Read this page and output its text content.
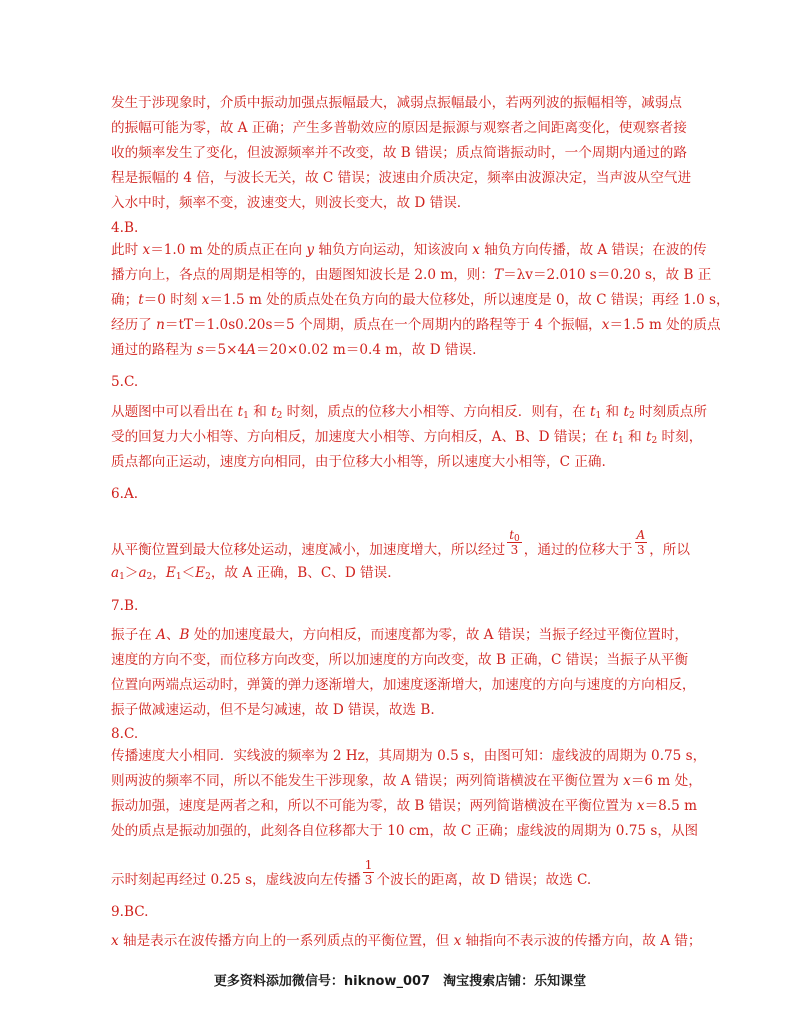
发生于涉现象时，介质中振动加强点振幅最大，减弱点振幅最小，若两列波的振幅相等，减弱点
的振幅可能为零，故 A 正确；产生多普勒效应的原因是振源与观察者之间距离变化，使观察者接
收的频率发生了变化，但波源频率并不改变，故 B 错误；质点简谐振动时，一个周期内通过的路
程是振幅的 4 倍，与波长无关，故 C 错误；波速由介质决定，频率由波源决定，当声波从空气进
入水中时，频率不变，波速变大，则波长变大，故 D 错误.
4.B.
此时 x＝1.0 m 处的质点正在向 y 轴负方向运动，知该波向 x 轴负方向传播，故 A 错误；在波的传
播方向上，各点的周期是相等的，由题图知波长是 2.0 m，则：T＝λv＝2.010 s＝0.20 s，故 B 正
确；t＝0 时刻 x＝1.5 m 处的质点处在负方向的最大位移处，所以速度是 0，故 C 错误；再经 1.0 s，
经历了 n＝tT＝1.0s0.20s＝5 个周期，质点在一个周期内的路程等于 4 个振幅，x＝1.5 m 处的质点
通过的路程为 s＝5×4A＝20×0.02 m＝0.4 m，故 D 错误.
5.C.
从题图中可以看出在 $t_1$ 和 $t_2$ 时刻，质点的位移大小相等、方向相反．则有，在 $t_1$ 和 $t_2$ 时刻质点所
受的回复力大小相等、方向相反，加速度大小相等、方向相反，A、B、D 错误；在 $t_1$ 和 $t_2$ 时刻，
质点都向正运动，速度方向相同，由于位移大小相等，所以速度大小相等，C 正确.
6.A.
从平衡位置到最大位移处运动，速度减小，加速度增大，所以经过 $\frac{t_0}{3}$ ，通过的位移大于 $\frac{A}{3}$ ，所以
$a_1>a_2$，$E_1<E_2$，故 A 正确，B、C、D 错误.
7.B.
振子在 A、B 处的加速度最大，方向相反，而速度都为零，故 A 错误；当振子经过平衡位置时，
速度的方向不变，而位移方向改变，所以加速度的方向改变，故 B 正确，C 错误；当振子从平衡
位置向两端点运动时，弹簧的弹力逐渐增大，加速度逐渐增大，加速度的方向与速度的方向相反，
振子做减速运动，但不是匀减速，故 D 错误，故选 B.
8.C.
传播速度大小相同．实线波的频率为 2 Hz，其周期为 0.5 s，由图可知：虚线波的周期为 0.75 s，
则两波的频率不同，所以不能发生干涉现象，故 A 错误；两列简谐横波在平衡位置为 x＝6 m 处，
振动加强，速度是两者之和，所以不可能为零，故 B 错误；两列简谐横波在平衡位置为 x＝8.5 m
处的质点是振动加强的，此刻各自位移都大于 10 cm，故 C 正确；虚线波的周期为 0.75 s，从图
示时刻起再经过 0.25 s，虚线波向左传播 $\frac{1}{3}$ 个波长的距离，故 D 错误；故选 C.
9.BC.
x 轴是表示在波传播方向上的一系列质点的平衡位置，但 x 轴指向不表示波的传播方向，故 A 错；
更多资料添加微信号：hiknow_007　淘宝搜索店铺：乐知课堂
